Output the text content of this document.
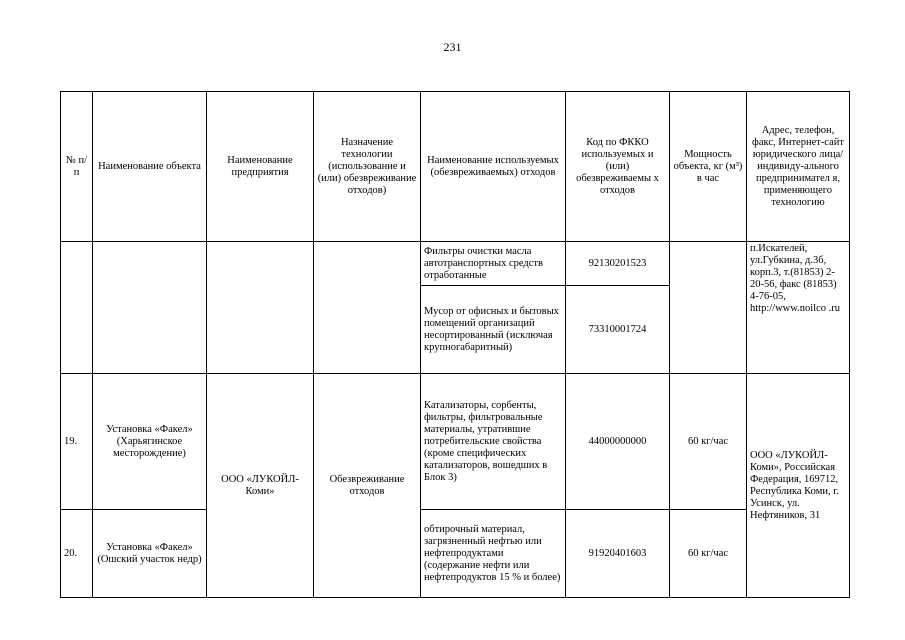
231
№ п/п	Наименование объекта	Наименование предприятия	Назначение технологии (использование и (или) обезвреживание отходов)	Наименование используемых (обезвреживаемых) отходов	Код по ФККО используемых и (или) обезвреживаемы х отходов	Мощность объекта, кг (м³) в час	Адрес, телефон, факс, Интернет-сайт юридического лица/индивиду-ального предпринимател я, применяющего технологию
				Фильтры очистки масла автотранспортных средств отработанные	92130201523		п.Искателей, ул.Губкина, д.3б, корп.3, т.(81853) 2-20-56, факс (81853) 4-76-05, http://www.noilco .ru
				Мусор от офисных и бытовых помещений организаций несортированный (исключая крупногабаритный)	73310001724		
19.	Установка «Факел» (Харьягинское месторождение)	ООО «ЛУКОЙЛ-Коми»	Обезвреживание отходов	Катализаторы, сорбенты, фильтры, фильтровальные материалы, утратившие потребительские свойства (кроме специфических катализаторов, вошедших в Блок 3)	44000000000	60 кг/час	ООО «ЛУКОЙЛ-Коми», Российская Федерация, 169712, Республика Коми, г. Усинск, ул. Нефтяников, 31
20.	Установка «Факел» (Ошский участок недр)			обтирочный материал, загрязненный нефтью или нефтепродуктами (содержание нефти или нефтепродуктов 15 % и более)	91920401603	60 кг/час	
